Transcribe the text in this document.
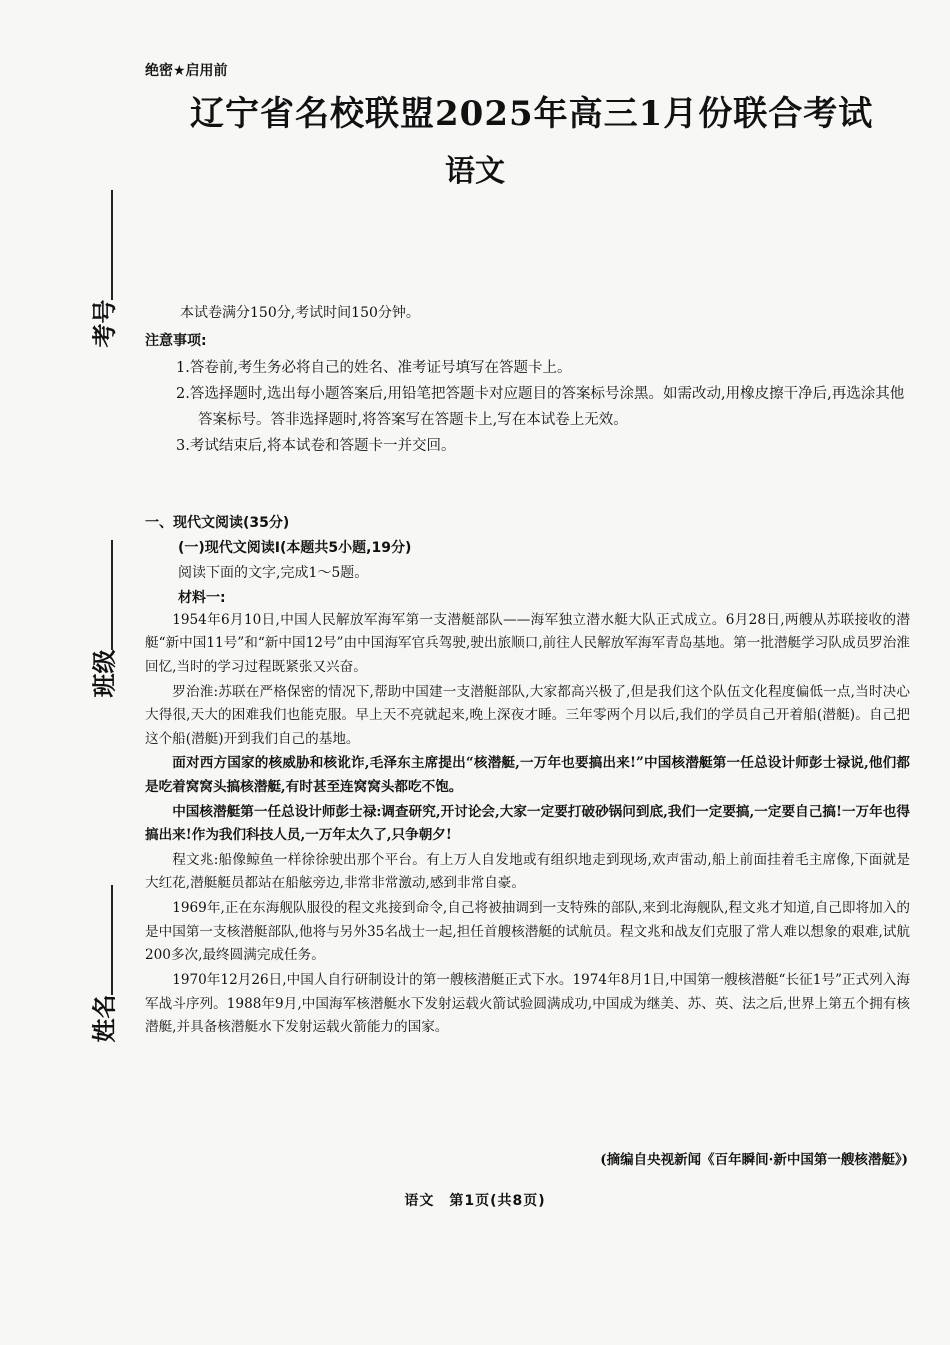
考号
班级
姓名
绝密★启用前
辽宁省名校联盟2025年高三1月份联合考试
语文
本试卷满分150分,考试时间150分钟。
注意事项:

1.答卷前,考生务必将自己的姓名、准考证号填写在答题卡上。

2.答选择题时,选出每小题答案后,用铅笔把答题卡对应题目的答案标号涂黑。如需改动,用橡皮擦干净后,再选涂其他答案标号。答非选择题时,将答案写在答题卡上,写在本试卷上无效。

3.考试结束后,将本试卷和答题卡一并交回。

一、现代文阅读(35分)
(一)现代文阅读Ⅰ(本题共5小题,19分)
阅读下面的文字,完成1～5题。
材料一:

1954年6月10日,中国人民解放军海军第一支潜艇部队——海军独立潜水艇大队正式成立。6月28日,两艘从苏联接收的潜艇“新中国11号”和“新中国12号”由中国海军官兵驾驶,驶出旅顺口,前往人民解放军海军青岛基地。第一批潜艇学习队成员罗治淮回忆,当时的学习过程既紧张又兴奋。

罗治淮:苏联在严格保密的情况下,帮助中国建一支潜艇部队,大家都高兴极了,但是我们这个队伍文化程度偏低一点,当时决心大得很,天大的困难我们也能克服。早上天不亮就起来,晚上深夜才睡。三年零两个月以后,我们的学员自己开着船(潜艇)。自己把这个船(潜艇)开到我们自己的基地。

面对西方国家的核威胁和核讹诈,毛泽东主席提出“核潜艇,一万年也要搞出来!”中国核潜艇第一任总设计师彭士禄说,他们都是吃着窝窝头搞核潜艇,有时甚至连窝窝头都吃不饱。

中国核潜艇第一任总设计师彭士禄:调查研究,开讨论会,大家一定要打破砂锅问到底,我们一定要搞,一定要自己搞!一万年也得搞出来!作为我们科技人员,一万年太久了,只争朝夕!

程文兆:船像鲸鱼一样徐徐驶出那个平台。有上万人自发地或有组织地走到现场,欢声雷动,船上前面挂着毛主席像,下面就是大红花,潜艇艇员都站在船舷旁边,非常非常激动,感到非常自豪。

1969年,正在东海舰队服役的程文兆接到命令,自己将被抽调到一支特殊的部队,来到北海舰队,程文兆才知道,自己即将加入的是中国第一支核潜艇部队,他将与另外35名战士一起,担任首艘核潜艇的试航员。程文兆和战友们克服了常人难以想象的艰难,试航200多次,最终圆满完成任务。

1970年12月26日,中国人自行研制设计的第一艘核潜艇正式下水。1974年8月1日,中国第一艘核潜艇“长征1号”正式列入海军战斗序列。1988年9月,中国海军核潜艇水下发射运载火箭试验圆满成功,中国成为继美、苏、英、法之后,世界上第五个拥有核潜艇,并具备核潜艇水下发射运载火箭能力的国家。

(摘编自央视新闻《百年瞬间·新中国第一艘核潜艇》)
语文　第1页(共8页)
